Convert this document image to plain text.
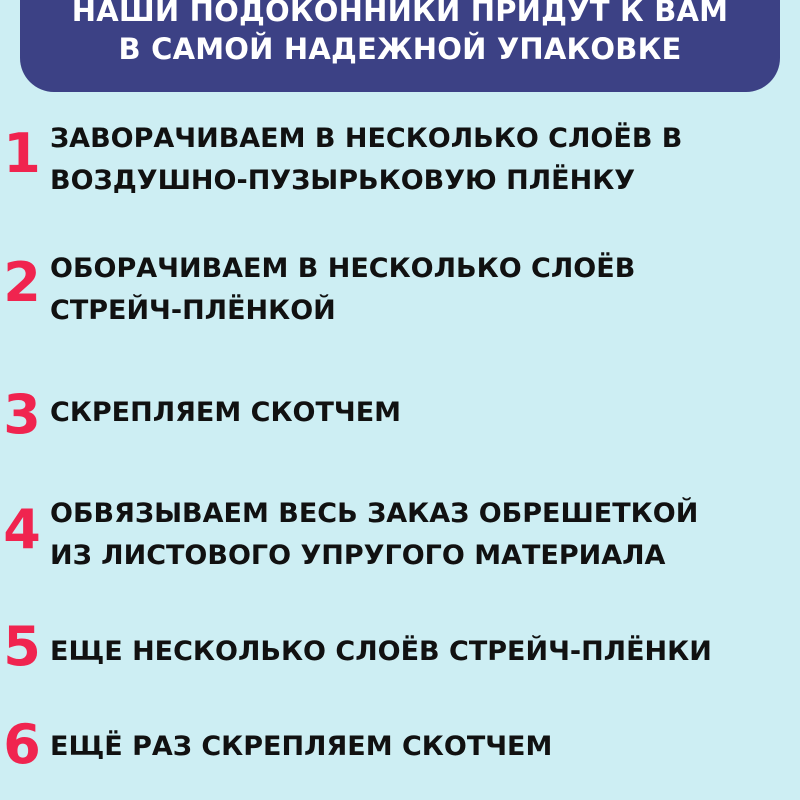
НАШИ ПОДОКОННИКИ ПРИДУТ К ВАМ
В САМОЙ НАДЕЖНОЙ УПАКОВКЕ
1 ЗАВОРАЧИВАЕМ В НЕСКОЛЬКО СЛОЁВ В
ВОЗДУШНО-ПУЗЫРЬКОВУЮ ПЛЁНКУ
2 ОБОРАЧИВАЕМ В НЕСКОЛЬКО СЛОЁВ
СТРЕЙЧ-ПЛЁНКОЙ
3 СКРЕПЛЯЕМ СКОТЧЕМ
4 ОБВЯЗЫВАЕМ ВЕСЬ ЗАКАЗ ОБРЕШЕТКОЙ
ИЗ ЛИСТОВОГО УПРУГОГО МАТЕРИАЛА
5 ЕЩЕ НЕСКОЛЬКО СЛОЁВ СТРЕЙЧ-ПЛЁНКИ
6 ЕЩЁ РАЗ СКРЕПЛЯЕМ СКОТЧЕМ
